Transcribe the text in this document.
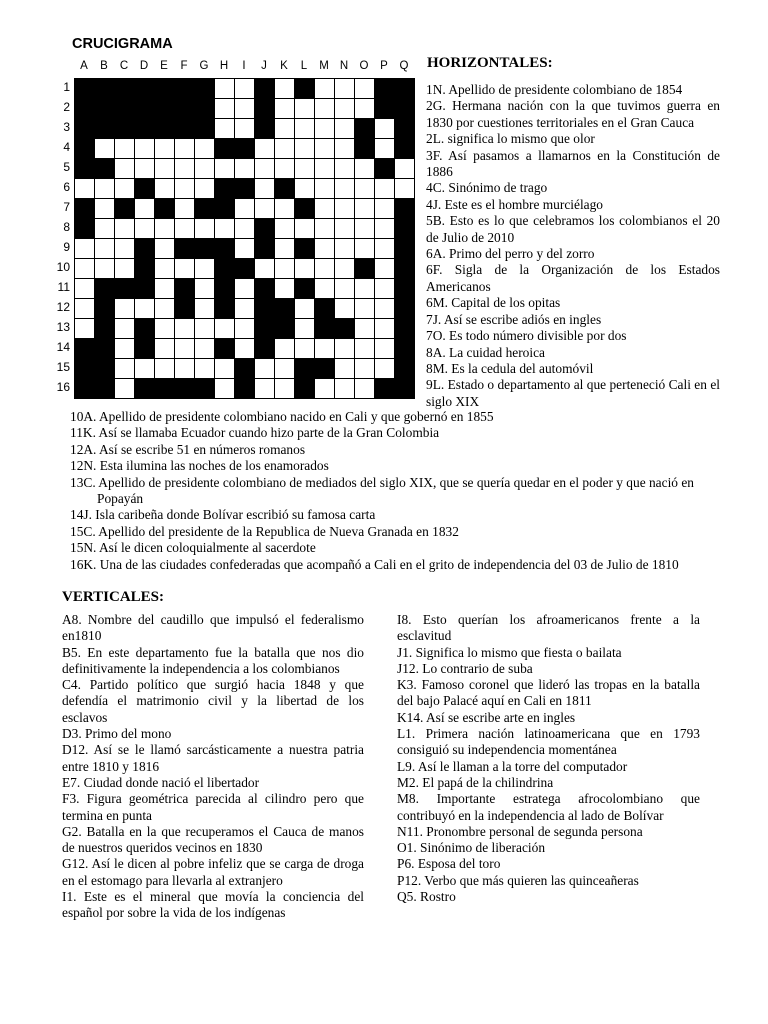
CRUCIGRAMA
A	B	C	D	E	F	G H	I	J	K	L	M N O	P	Q
1
2
3
4
5
6
7
8
9
10
11
12
13
14
15
16
HORIZONTALES:
1N. Apellido de presidente colombiano de 1854
2G. Hermana nación con la que tuvimos guerra en 1830 por cuestiones territoriales en el Gran Cauca
2L. significa lo mismo que olor
3F. Así pasamos a llamarnos en la Constitución de 1886
4C. Sinónimo de trago
4J. Este es el hombre murciélago
5B. Esto es lo que celebramos los colombianos el 20 de Julio de 2010
6A. Primo del perro y del zorro
6F. Sigla de la Organización de los Estados Americanos
6M. Capital de los opitas
7J. Así se escribe adiós en ingles
7O. Es todo número divisible por dos
8A. La cuidad heroica
8M. Es la cedula del automóvil
9L. Estado o departamento al que perteneció Cali en el siglo XIX
10A. Apellido de presidente colombiano nacido en Cali y que gobernó en 1855
11K. Así se llamaba Ecuador cuando hizo parte de la Gran Colombia
12A. Así se escribe 51 en números romanos
12N. Esta ilumina las noches de los enamorados
13C. Apellido de presidente colombiano de mediados del siglo XIX, que se quería quedar en el poder y que nació en Popayán
14J. Isla caribeña donde Bolívar escribió su famosa carta
15C. Apellido del presidente de la Republica de Nueva Granada en 1832
15N. Así le dicen coloquialmente al sacerdote
16K. Una de las ciudades confederadas que acompañó a Cali en el grito de independencia del 03 de Julio de 1810
VERTICALES:
A8. Nombre del caudillo que impulsó el federalismo en1810
B5. En este departamento fue la batalla que nos dio definitivamente la independencia a los colombianos
C4. Partido político que surgió hacia 1848 y que defendía el matrimonio civil y la libertad de los esclavos
D3. Primo del mono
D12. Así se le llamó sarcásticamente a nuestra patria entre 1810 y 1816
E7. Ciudad donde nació el libertador
F3. Figura geométrica parecida al cilindro pero que termina en punta
G2. Batalla en la que recuperamos el Cauca de manos de nuestros queridos vecinos en 1830
G12. Así le dicen al pobre infeliz que se carga de droga en el estomago para llevarla al extranjero
I1. Este es el mineral que movía la conciencia del español por sobre la vida de los indígenas
I8. Esto querían los afroamericanos frente a la esclavitud
J1. Significa lo mismo que fiesta o bailata
J12. Lo contrario de suba
K3. Famoso coronel que lideró las tropas en la batalla del bajo Palacé aquí en Cali en 1811
K14. Así se escribe arte en ingles
L1. Primera nación latinoamericana que en 1793 consiguió su independencia momentánea
L9. Así le llaman a la torre del computador
M2. El papá de la chilindrina
M8. Importante estratega afrocolombiano que contribuyó en la independencia al lado de Bolívar
N11. Pronombre personal de segunda persona
O1. Sinónimo de liberación
P6. Esposa del toro
P12. Verbo que más quieren las quinceañeras
Q5. Rostro
